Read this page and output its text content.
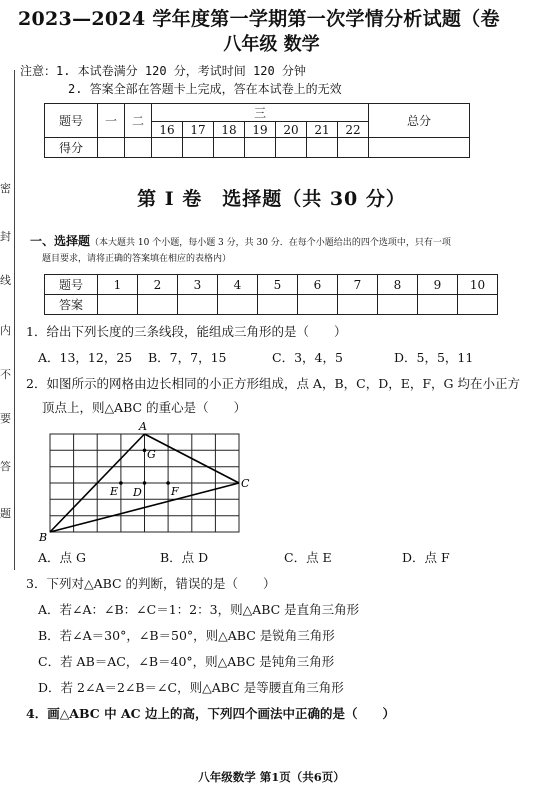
密
封
线
内
不
要
答
题
2023—2024 学年度第一学期第一次学情分析试题（卷
八年级 数学
注意：1. 本试卷满分 120 分，考试时间 120 分钟
2. 答案全部在答题卡上完成，答在本试卷上的无效
题号	一	二	三							总分
			16	17	18	19	20	21	22	
得分										
第 I 卷　选择题（共 30 分）
一、选择题（本大题共 10 个小题，每小题 3 分，共 30 分．在每个小题给出的四个选项中，只有一项
题目要求，请将正确的答案填在相应的表格内）
题号	1	2	3	4	5	6	7	8	9	10
答案										
1．给出下列长度的三条线段，能组成三角形的是（　　）
A．13，12，25 B．7，7，15	C．3，4，5	D．5，5，11
2．如图所示的网格由边长相同的小正方形组成，点 A，B，C，D，E，F，G 均在小正方
顶点上，则△ABC 的重心是（　　）
A
B
C
G
D
E	F
A．点 G	B．点 D	C．点 E	D．点 F
3．下列对△ABC 的判断，错误的是（　　）
A．若∠A：∠B：∠C＝1：2：3，则△ABC 是直角三角形
B．若∠A＝30°，∠B＝50°，则△ABC 是锐角三角形
C．若 AB＝AC，∠B＝40°，则△ABC 是钝角三角形
D．若 2∠A＝2∠B＝∠C，则△ABC 是等腰直角三角形
4．画△ABC 中 AC 边上的高，下列四个画法中正确的是（　　）
八年级数学 第1页（共6页）
